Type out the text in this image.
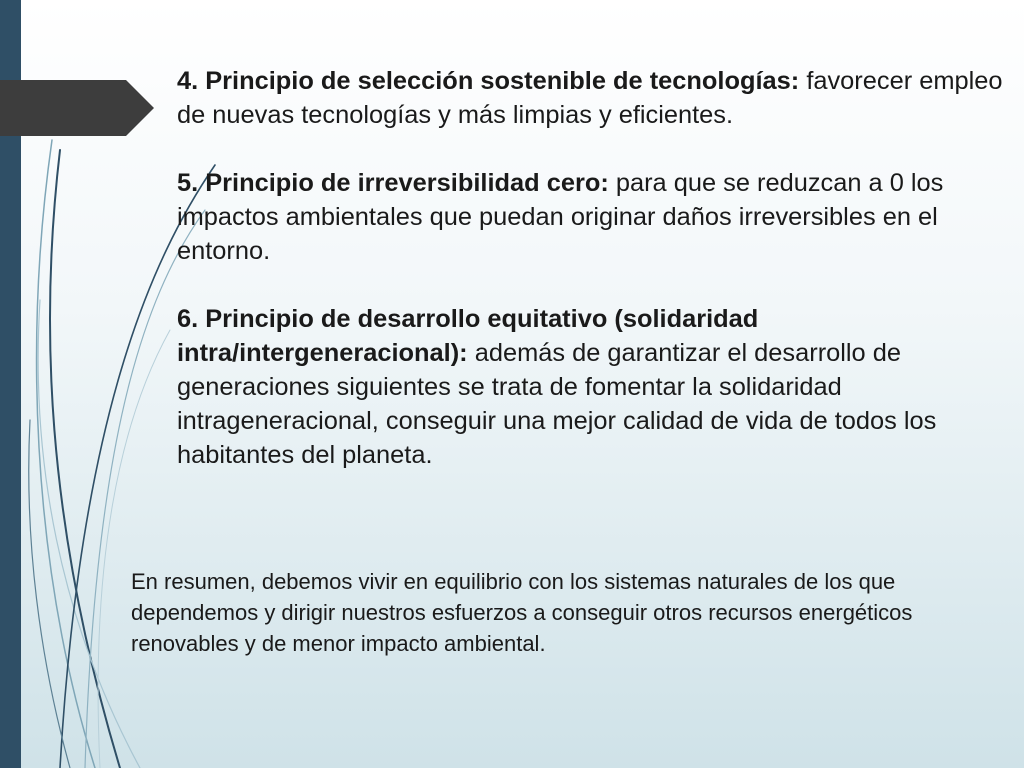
4. Principio de selección sostenible de tecnologías: favorecer empleo de nuevas tecnologías y más limpias y eficientes.

5. Principio de irreversibilidad cero: para que se reduzcan a 0 los impactos ambientales que puedan originar daños irreversibles en el entorno.

6. Principio de desarrollo equitativo (solidaridad intra/intergeneracional): además de garantizar el desarrollo de generaciones siguientes se trata de fomentar la solidaridad intrageneracional, conseguir una mejor calidad de vida de todos los habitantes del planeta.

En resumen, debemos vivir en equilibrio con los sistemas naturales de los que dependemos y dirigir nuestros esfuerzos a conseguir otros recursos energéticos renovables y de menor impacto ambiental.
